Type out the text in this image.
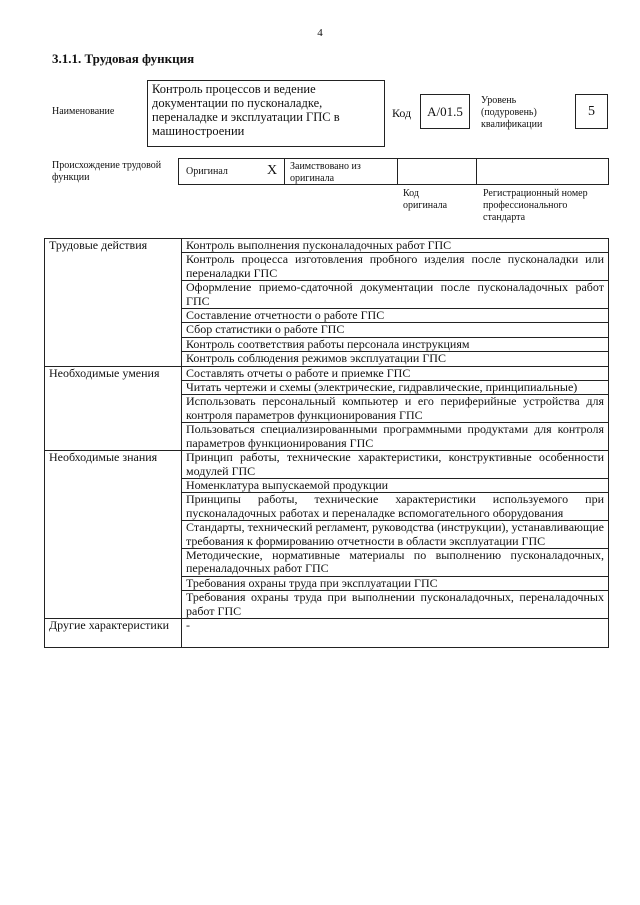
4
3.1.1. Трудовая функция
Наименование
Контроль процессов и ведение документации по пусконаладке, переналадке и эксплуатации ГПС в машиностроении
Код	А/01.5
Уровень (подуровень) квалификации
5
Происхождение трудовой функции
Оригинал	X Заимствовано из оригинала
Код оригинала
Регистрационный номер профессионального стандарта
Трудовые действия	Контроль выполнения пусконаладочных работ ГПС
	Контроль процесса изготовления пробного изделия после пусконаладки или переналадки ГПС
	Оформление приемо-сдаточной документации после пусконаладочных работ ГПС
	Составление отчетности о работе ГПС
	Сбор статистики о работе ГПС
	Контроль соответствия работы персонала инструкциям
	Контроль соблюдения режимов эксплуатации ГПС
Необходимые умения	Составлять отчеты о работе и приемке ГПС
	Читать чертежи и схемы (электрические, гидравлические, принципиальные)
	Использовать персональный компьютер и его периферийные устройства для контроля параметров функционирования ГПС
	Пользоваться специализированными программными продуктами для контроля параметров функционирования ГПС
Необходимые знания	Принцип работы, технические характеристики, конструктивные особенности модулей ГПС
	Номенклатура выпускаемой продукции
	Принципы работы, технические характеристики используемого при пусконаладочных работах и переналадке вспомогательного оборудования
	Стандарты, технический регламент, руководства (инструкции), устанавливающие требования к формированию отчетности в области эксплуатации ГПС
	Методические, нормативные материалы по выполнению пусконаладочных, переналадочных работ ГПС
	Требования охраны труда при эксплуатации ГПС
	Требования охраны труда при выполнении пусконаладочных, переналадочных работ ГПС
Другие характеристики	-
